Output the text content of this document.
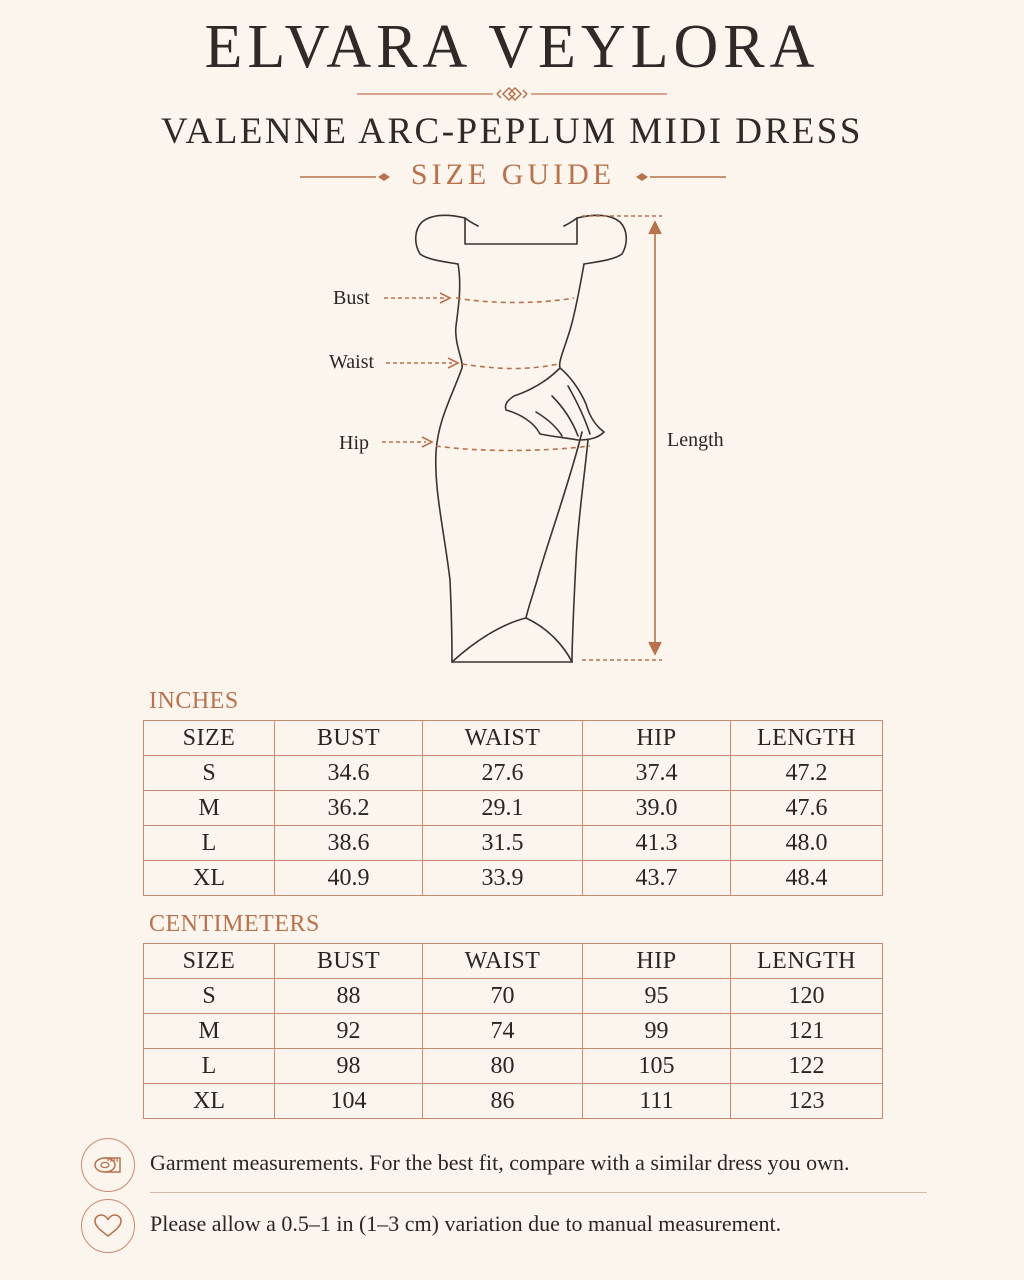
ELVARA VEYLORA
VALENNE ARC-PEPLUM MIDI DRESS
SIZE GUIDE
Bust
Waist
Hip	Length
INCHES
SIZE	BUST	WAIST	HIP	LENGTH
S	34.6	27.6	37.4	47.2
M	36.2	29.1	39.0	47.6
L	38.6	31.5	41.3	48.0
XL	40.9	33.9	43.7	48.4
CENTIMETERS
SIZE	BUST	WAIST	HIP	LENGTH
S	88	70	95	120
M	92	74	99	121
L	98	80	105	122
XL	104	86	111	123
Garment measurements. For the best fit, compare with a similar dress you own.
Please allow a 0.5–1 in (1–3 cm) variation due to manual measurement.
